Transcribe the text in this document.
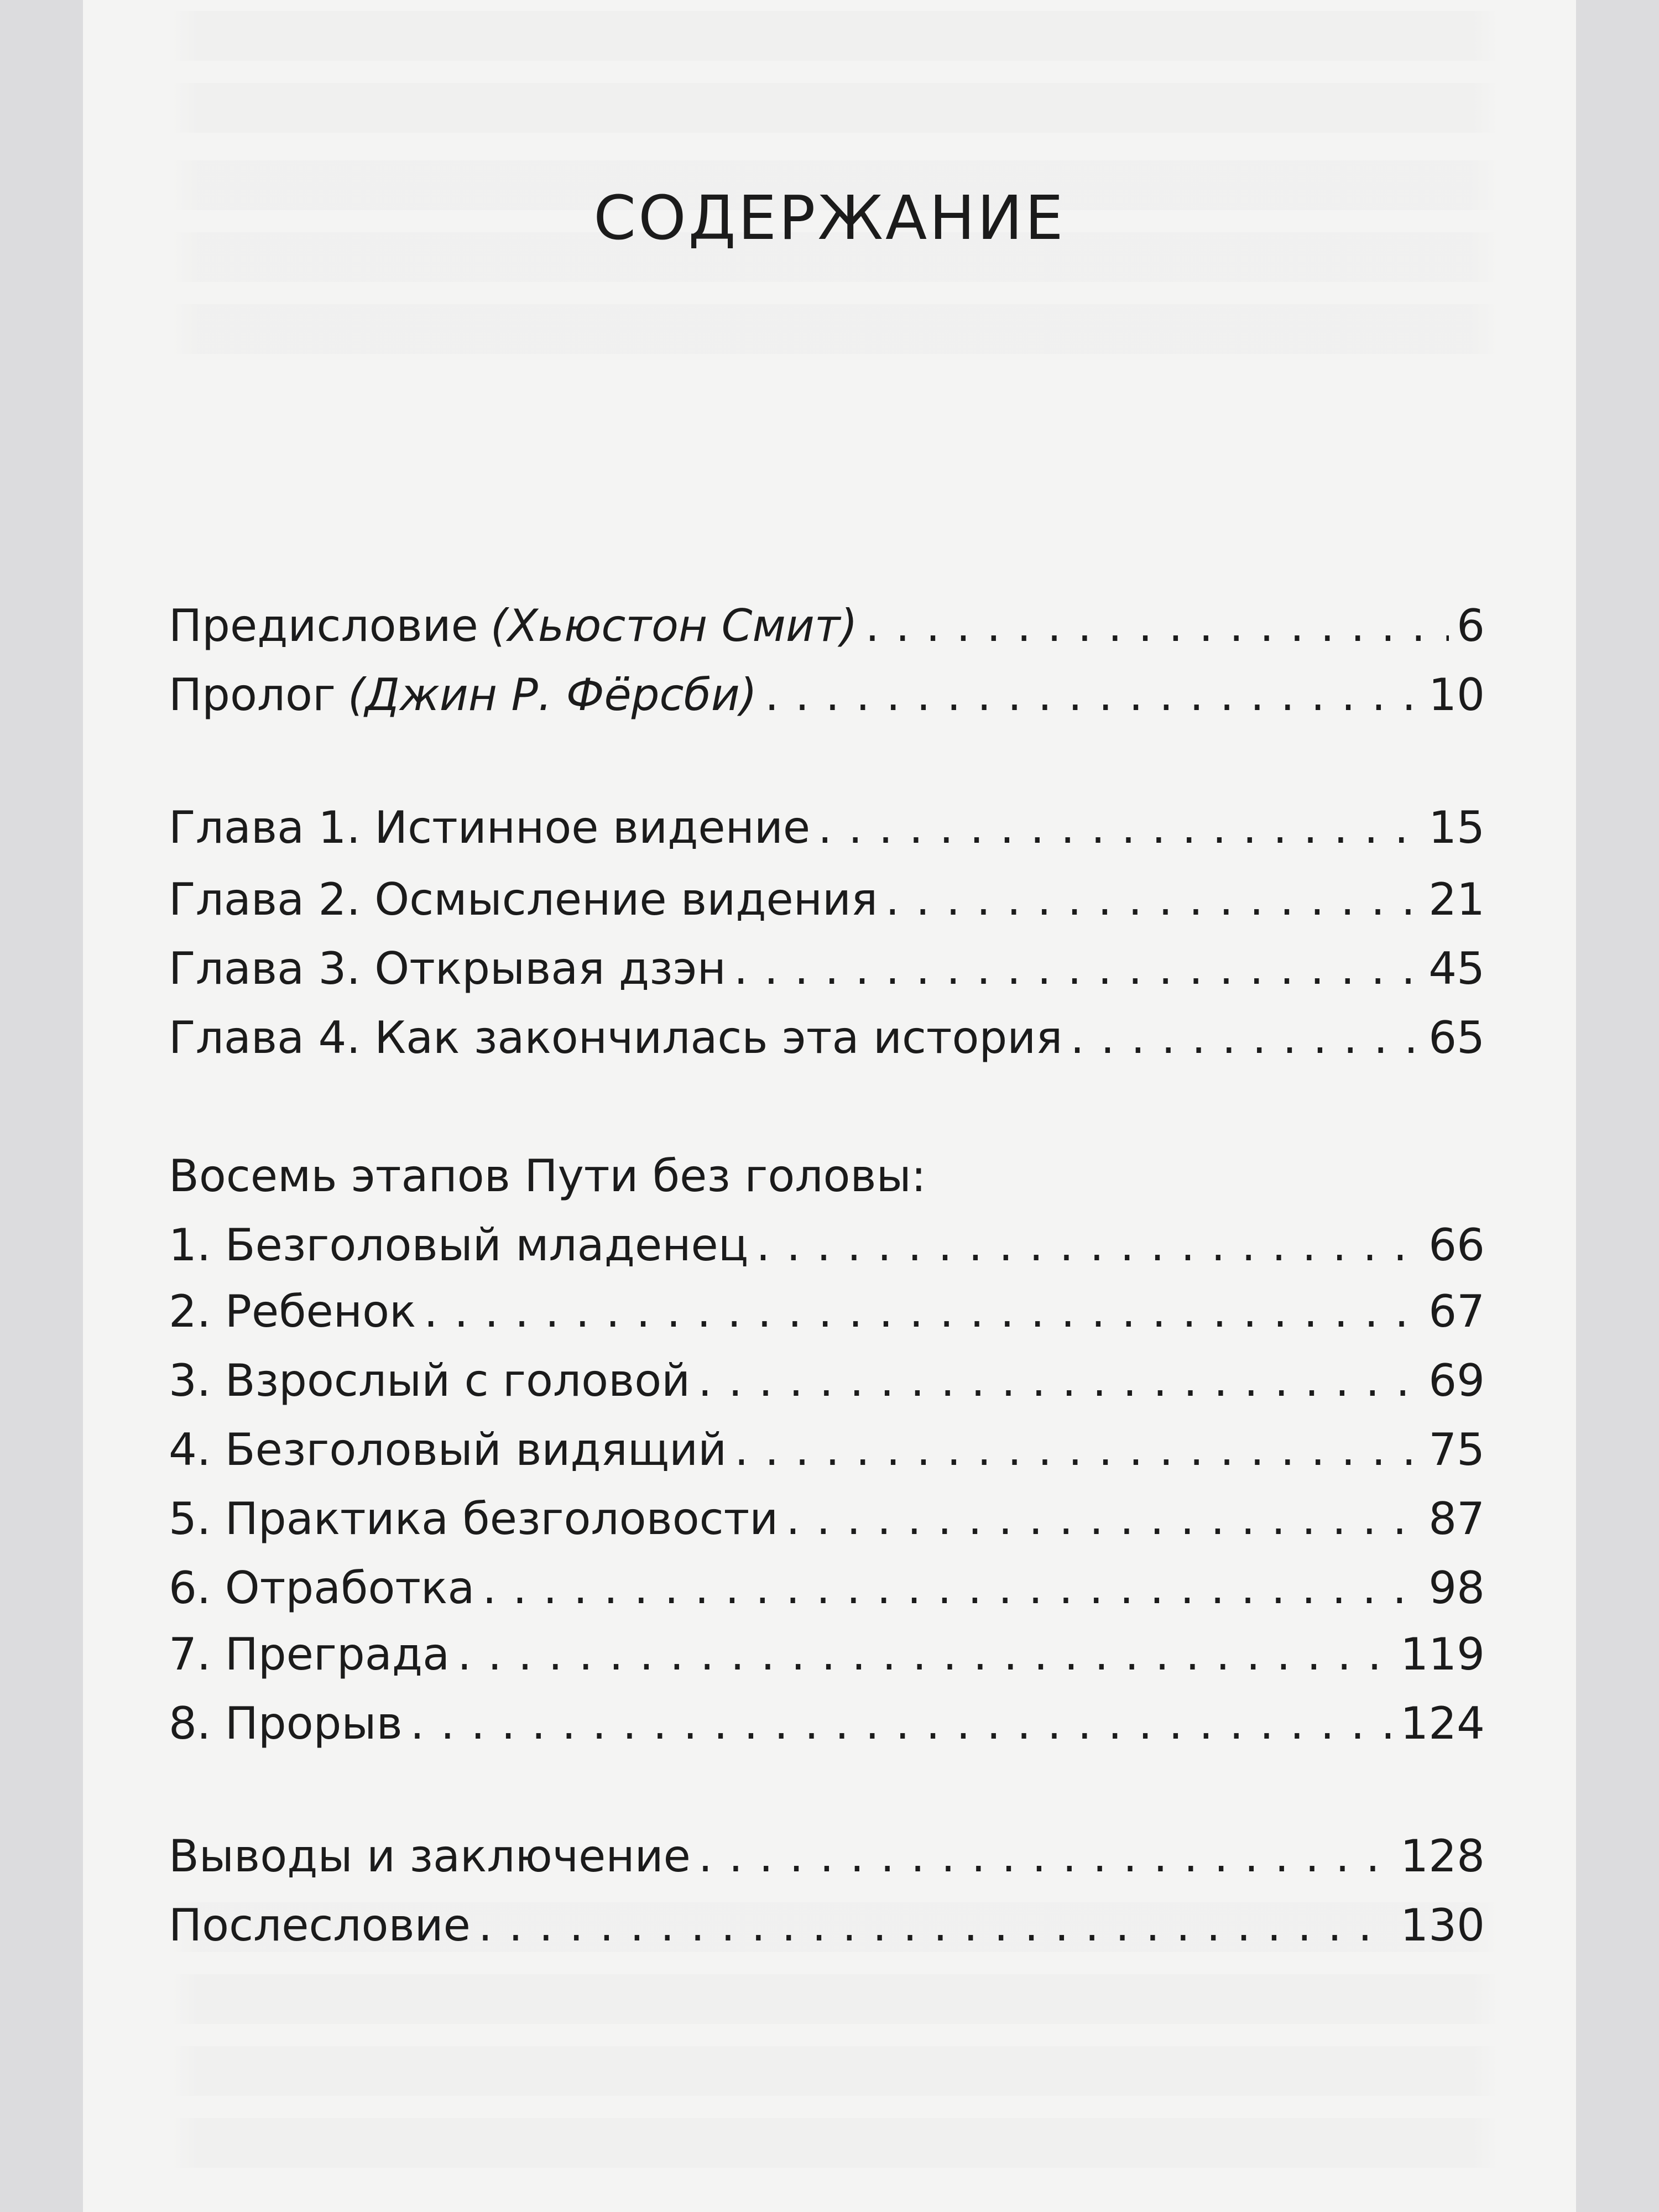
СОДЕРЖАНИЕ
Предисловие (Хьюстон Смит) . . .	6
Пролог (Джин Р. Фёрсби) . . .	10
Глава 1. Истинное видение . . .	15
Глава 2. Осмысление видения . . .	21
Глава 3. Открывая дзэн . . .	45
Глава 4. Как закончилась эта история . . .	65
Восемь этапов Пути без головы:
1. Безголовый младенец . . .	66
2. Ребенок . . .	67
3. Взрослый с головой . . .	69
4. Безголовый видящий . . .	75
5. Практика безголовости . . .	87
6. Отработка . . .	98
7. Преграда . . .	119
8. Прорыв . . .	124
Выводы и заключение . . .	128
Послесловие . . .	130
